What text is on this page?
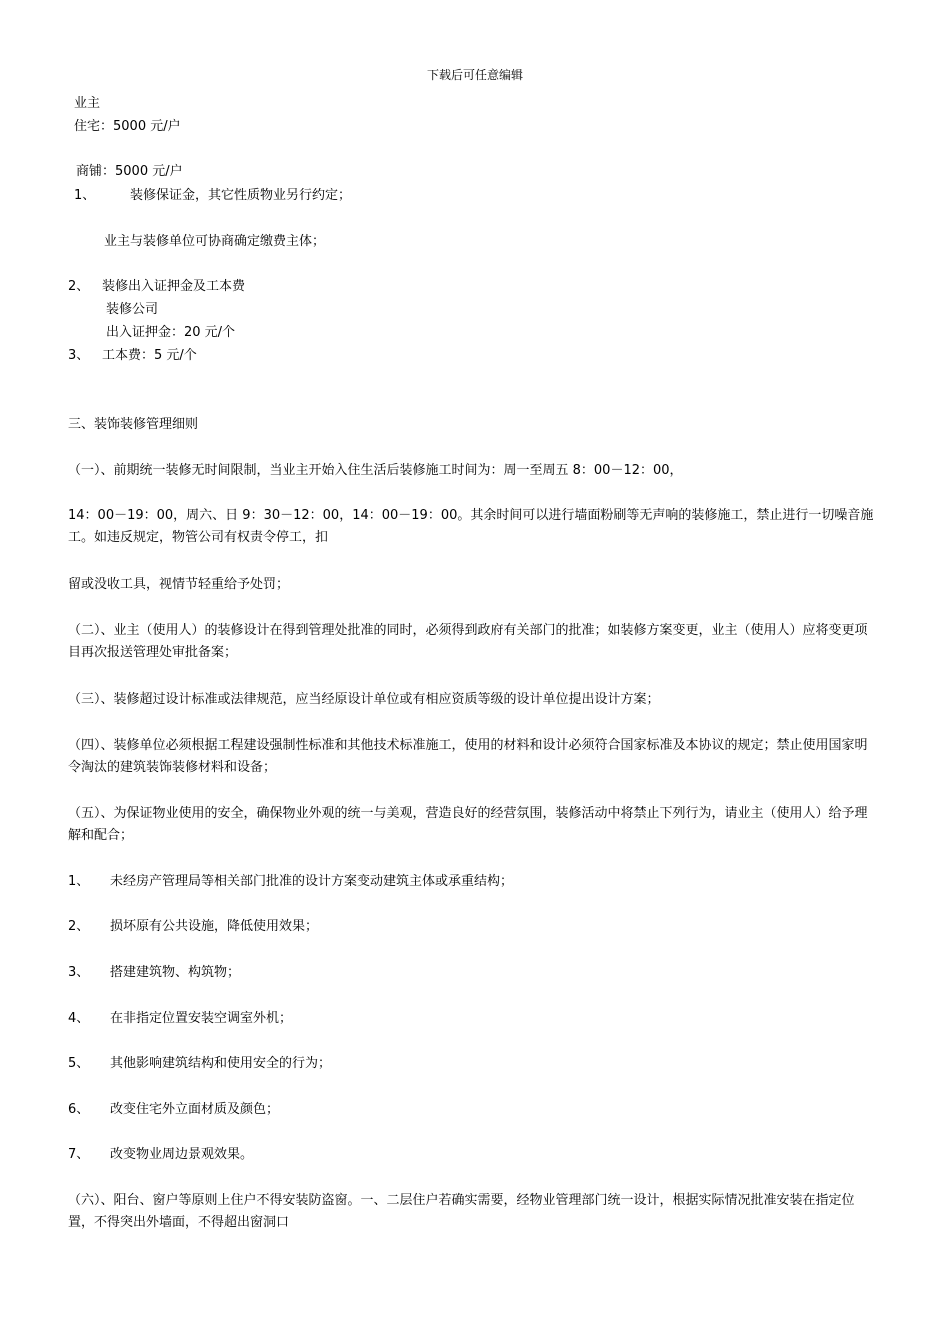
下载后可任意编辑
业主
住宅：5000 元/户
商铺：5000 元/户
1、	装修保证金，其它性质物业另行约定；
业主与装修单位可协商确定缴费主体；
2、 装修出入证押金及工本费
装修公司
出入证押金：20 元/个
3、 工本费：5 元/个
三、装饰装修管理细则
（一）、前期统一装修无时间限制，当业主开始入住生活后装修施工时间为：周一至周五 8：00－12：00，
14：00－19：00，周六、日 9：30－12：00，14：00－19：00。其余时间可以进行墙面粉刷等无声响的装修施工，禁止进行一切噪音施工。如违反规定，物管公司有权责令停工，扣
留或没收工具，视情节轻重给予处罚；
（二）、业主（使用人）的装修设计在得到管理处批准的同时，必须得到政府有关部门的批准；如装修方案变更，业主（使用人）应将变更项目再次报送管理处审批备案；
（三）、装修超过设计标准或法律规范，应当经原设计单位或有相应资质等级的设计单位提出设计方案；
（四）、装修单位必须根据工程建设强制性标准和其他技术标准施工，使用的材料和设计必须符合国家标准及本协议的规定；禁止使用国家明令淘汰的建筑装饰装修材料和设备；
（五）、为保证物业使用的安全，确保物业外观的统一与美观，营造良好的经营氛围，装修活动中将禁止下列行为，请业主（使用人）给予理解和配合；
1、 未经房产管理局等相关部门批准的设计方案变动建筑主体或承重结构；
2、 损坏原有公共设施，降低使用效果；
3、 搭建建筑物、构筑物；
4、 在非指定位置安装空调室外机；
5、 其他影响建筑结构和使用安全的行为；
6、 改变住宅外立面材质及颜色；
7、 改变物业周边景观效果。
（六）、阳台、窗户等原则上住户不得安装防盗窗。一、二层住户若确实需要，经物业管理部门统一设计，根据实际情况批准安装在指定位置，不得突出外墙面，不得超出窗洞口
